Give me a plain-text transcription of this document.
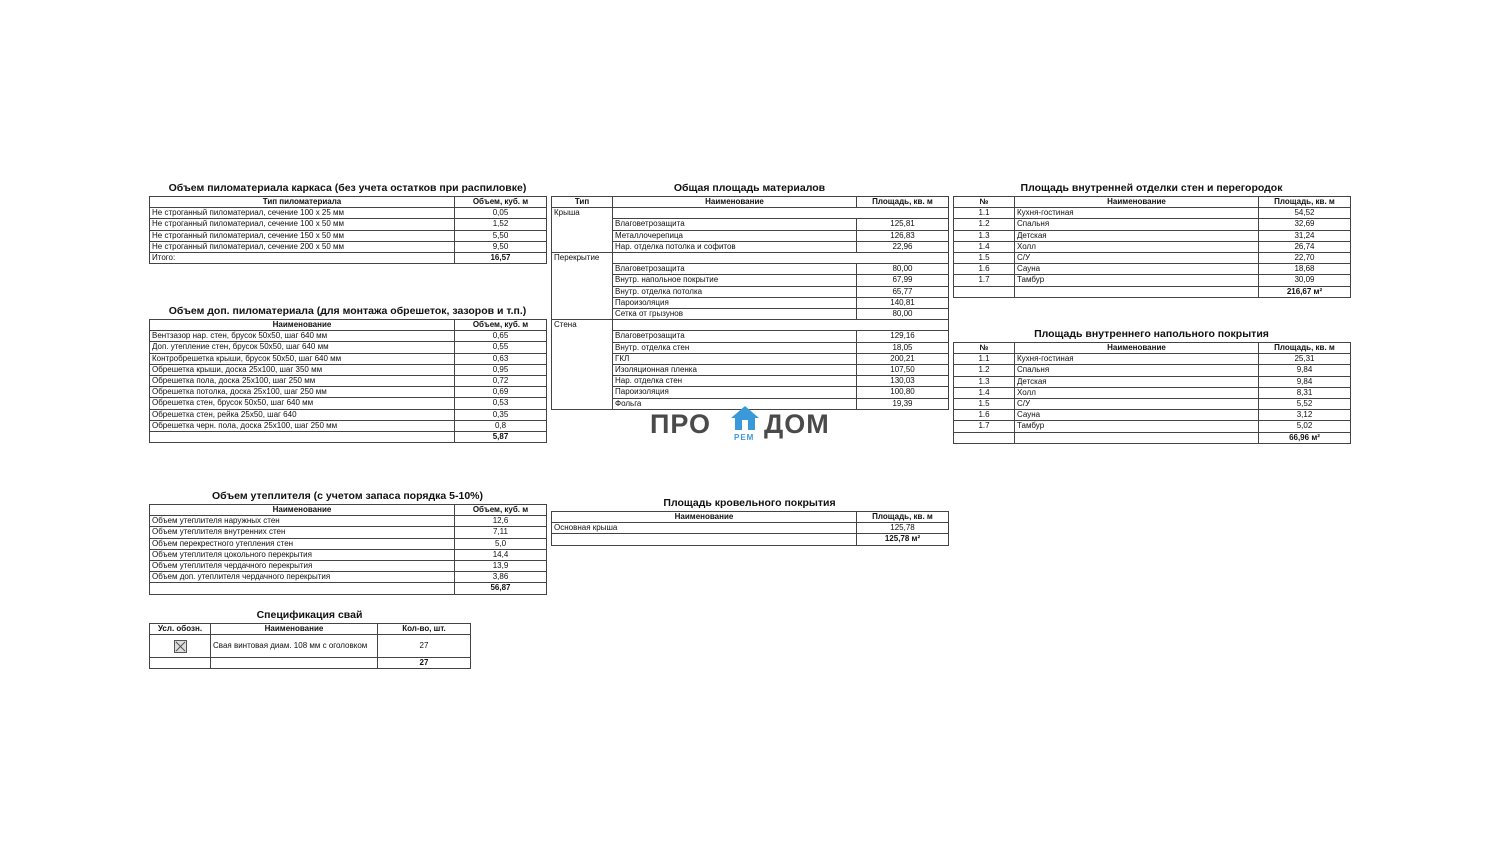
Объем пиломатериала каркаса (без учета остатков при распиловке)
Тип пиломатериала	Объем, куб. м
Не строганный пиломатериал, сечение 100 х 25 мм	0,05
Не строганный пиломатериал, сечение 100 х 50 мм	1,52
Не строганный пиломатериал, сечение 150 х 50 мм	5,50
Не строганный пиломатериал, сечение 200 х 50 мм	9,50
Итого:	16,57
Объем доп. пиломатериала (для монтажа обрешеток, зазоров и т.п.)
Наименование	Объем, куб. м
Вентзазор нар. стен, брусок 50х50, шаг 640 мм	0,65
Доп. утепление стен, брусок 50х50, шаг 640 мм	0,55
Контробрешетка крыши, брусок 50х50, шаг 640 мм	0,63
Обрешетка крыши, доска 25х100, шаг 350 мм	0,95
Обрешетка пола, доска 25х100, шаг 250 мм	0,72
Обрешетка потолка, доска 25х100, шаг 250 мм	0,69
Обрешетка стен, брусок 50х50, шаг 640 мм	0,53
Обрешетка стен, рейка 25х50, шаг 640	0,35
Обрешетка черн. пола, доска 25х100, шаг 250 мм	0,8
	5,87
Объем утеплителя (с учетом запаса порядка 5-10%)
Наименование	Объем, куб. м
Объем утеплителя наружных стен	12,6
Объем утеплителя внутренних стен	7,11
Объем перекрестного утепления стен	5,0
Объем утеплителя цокольного перекрытия	14,4
Объем утеплителя чердачного перекрытия	13,9
Объем доп. утеплителя чердачного перекрытия	3,86
	56,87
Спецификация свай
Усл. обозн.	Наименование	Кол-во, шт.
	Свая винтовая диам. 108 мм с оголовком	27
		27
Общая площадь материалов
Тип	Наименование	Площадь, кв. м
Крыша		
	Влаговетрозащита	125,81
	Металлочерепица	126,83
	Нар. отделка потолка и софитов	22,96
Перекрытие		
	Влаговетрозащита	80,00
	Внутр. напольное покрытие	67,99
	Внутр. отделка потолка	65,77
	Пароизоляция	140,81
	Сетка от грызунов	80,00
Стена		
	Влаговетрозащита	129,16
	Внутр. отделка стен	18,05
	ГКЛ	200,21
	Изоляционная пленка	107,50
	Нар. отделка стен	130,03
	Пароизоляция	100,80
	Фольга	19,39
Площадь кровельного покрытия
Наименование	Площадь, кв. м
Основная крыша	125,78
	125,78 м²
Площадь внутренней отделки стен и перегородок
№	Наименование	Площадь, кв. м
1.1	Кухня-гостиная	54,52
1.2	Спальня	32,69
1.3	Детская	31,24
1.4	Холл	26,74
1.5	С/У	22,70
1.6	Сауна	18,68
1.7	Тамбур	30,09
		216,67 м²
Площадь внутреннего напольного покрытия
№	Наименование	Площадь, кв. м
1.1	Кухня-гостиная	25,31
1.2	Спальня	9,84
1.3	Детская	9,84
1.4	Холл	8,31
1.5	С/У	5,52
1.6	Сауна	3,12
1.7	Тамбур	5,02
		66,96 м²
ПРО	РЕМ ДОМ
